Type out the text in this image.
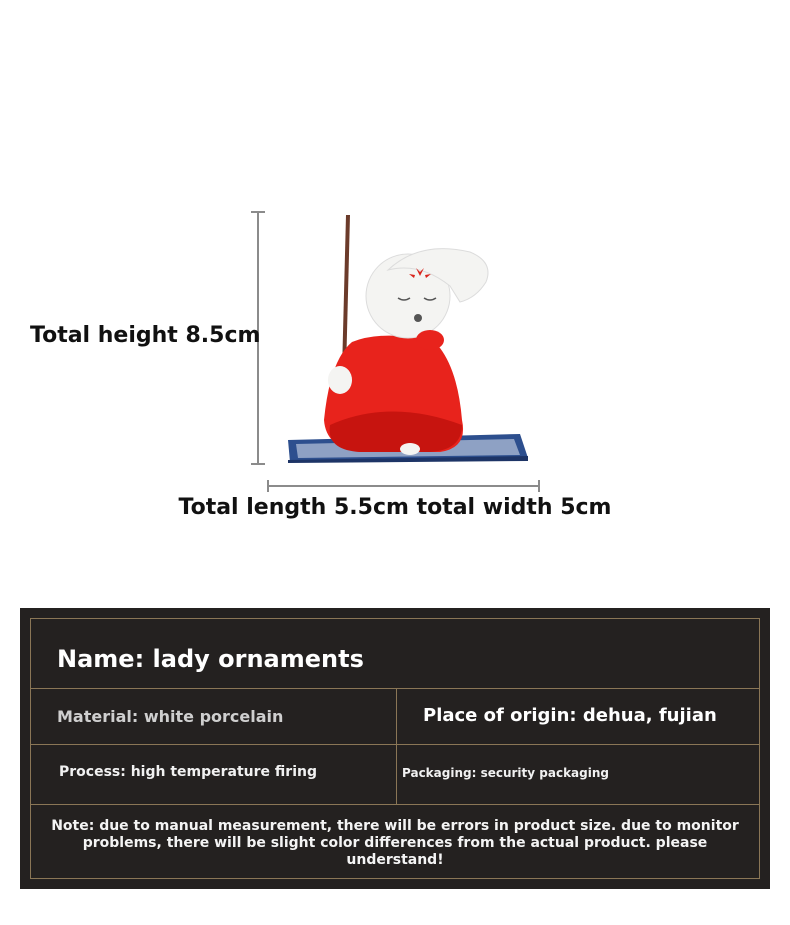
Total height 8.5cm
Total length 5.5cm total width 5cm
Name: lady ornaments
Material: white porcelain	Place of origin: dehua, fujian
Process: high temperature firing	Packaging: security packaging
Note: due to manual measurement, there will be errors in product size. due to monitor problems, there will be slight color differences from the actual product. please understand!
